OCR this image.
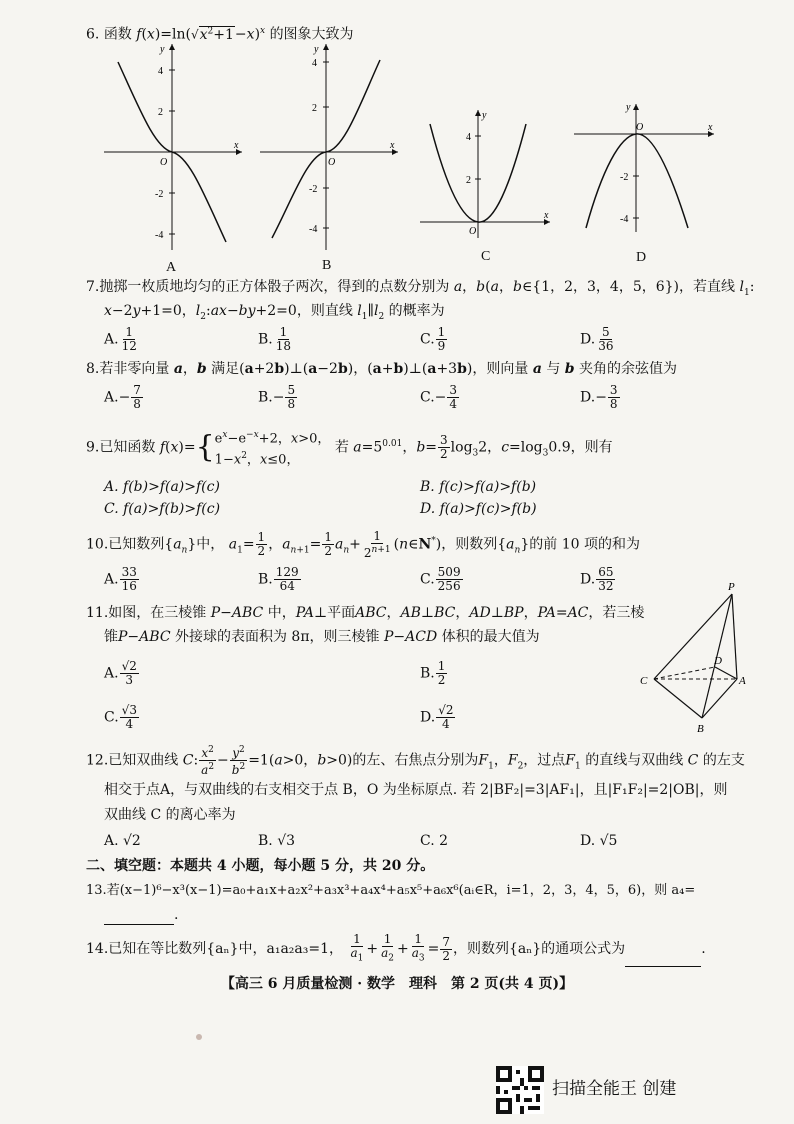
6. 函数 $f(x)=\ln(√x^2+1-x)^x$ 的图象大致为
x
y
O
4
2
-2
-4
A
x
y
O
4
2
-2
-4
B
x
y
O
4
2
C
x
y
O
-2
-4
D
7.抛掷一枚质地均匀的正方体骰子两次，得到的点数分别为 a，b(a，b∈{1，2，3，4，5，6})，若直线 $l_1$:
x−2y+1=0，$l_2:ax-by+2=0$，则直线 $l_1\parallel l_2$ 的概率为
A. $\frac{1}{12}$	B. $\frac{1}{18}$	C. $\frac{1}{9}$	D. $\frac{5}{36}$
8.若非零向量 a，b 满足(a+2b)⊥(a−2b)，(a+b)⊥(a+3b)，则向量 a 与 b 夹角的余弦值为
$A.- \frac{7}{8}$	$B.- \frac{5}{8}$	$C.- \frac{3}{4}$	$D.- \frac{3}{8}$
9.已知函数 f(x)={ $e^x-e^{-x}+2$，x>0，
$1-x^2$，x≤0，
若 $a=5^{0.01}$，$b= \frac{3}{2} \log_32$，$c=\log_30.9$，则有
A. f(b)>f(a)>f(c)	B. f(c)>f(a)>f(b)
C. f(a)>f(b)>f(c)	D. f(a)>f(c)>f(b)
10.已知数列$\{a_n\}$中， $a_1= \frac{1}{2}$ ，$a_{n+1}= \frac{1}{2} a_n+ \frac{1}{2^{n+1}}$ (n∈N*)，则数列$\{a_n\}$的前 10 项的和为
A. $\frac{33}{16}$	B. $\frac{129}{64}$	C. $\frac{509}{256}$	D. $\frac{65}{32}$
11.如图，在三棱锥 P−ABC 中，PA⊥平面ABC，AB⊥BC，AD⊥BP，PA=AC，若三棱
锥P−ABC 外接球的表面积为 8π，则三棱锥 P−ACD 体积的最大值为
A. $\frac{√2}{3}$	B. $\frac{1}{2}$
C. $\frac{√3}{4}$	D. $\frac{√2}{4}$
P
C
D
A
B
12.已知双曲线 C: $\frac{x^2}{a^2} - \frac{y^2}{b^2} =1(a>0$，b>0)的左、右焦点分别为$F_1$，$F_2$，过点$F_1$ 的直线与双曲线 C 的左支
相交于点A，与双曲线的右支相交于点 B，O 为坐标原点. 若 2|BF₂|=3|AF₁|，且|F₁F₂|=2|OB|，则
双曲线 C 的离心率为
A. √2	B. √3	C. 2	D. √5
二、填空题：本题共 4 小题，每小题 5 分，共 20 分。
13.若(x−1)⁶−x³(x−1)=a₀+a₁x+a₂x²+a₃x³+a₄x⁴+a₅x⁵+a₆x⁶(aᵢ∈R，i=1，2，3，4，5，6)，则 a₄=
.
14.已知在等比数列{aₙ}中，a₁a₂a₃=1， $\frac{1}{a_1} + \frac{1}{a_2} + \frac{1}{a_3} = \frac{7}{2}$ ，则数列{aₙ}的通项公式为	.
【高三 6 月质量检测 · 数学　理科　第 2 页(共 4 页)】
扫描全能王 创建
